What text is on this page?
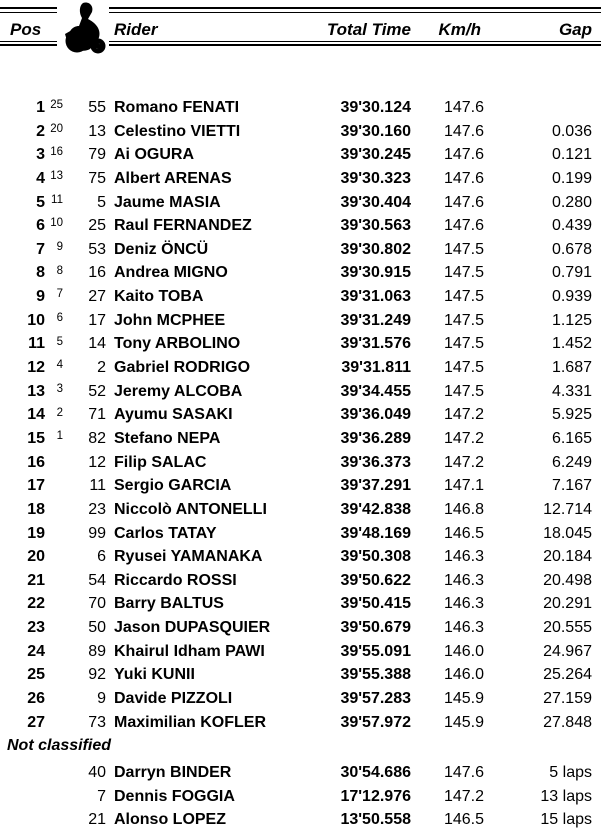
Pos	Total Time	Km/h	Gap
Rider
1 25	55 Romano FENATI	39'30.124	147.6
2 20	13 Celestino VIETTI	39'30.160	147.6	0.036
3 16	79 Ai OGURA	39'30.245	147.6	0.121
4 13	75 Albert ARENAS	39'30.323	147.6	0.199
5 11	5 Jaume MASIA	39'30.404	147.6	0.280
6 10	25 Raul FERNANDEZ	39'30.563	147.6	0.439
7	9	53 Deniz ÖNCÜ	39'30.802	147.5	0.678
8	8	16 Andrea MIGNO	39'30.915	147.5	0.791
9	7	27 Kaito TOBA	39'31.063	147.5	0.939
10	6	17 John MCPHEE	39'31.249	147.5	1.125
11	5	14 Tony ARBOLINO	39'31.576	147.5	1.452
12	4	2 Gabriel RODRIGO	39'31.811	147.5	1.687
13	3	52 Jeremy ALCOBA	39'34.455	147.5	4.331
14	2	71 Ayumu SASAKI	39'36.049	147.2	5.925
15	1	82 Stefano NEPA	39'36.289	147.2	6.165
16	12 Filip SALAC	39'36.373	147.2	6.249
17	11 Sergio GARCIA	39'37.291	147.1	7.167
18	23 Niccolò ANTONELLI	39'42.838	146.8	12.714
19	99 Carlos TATAY	39'48.169	146.5	18.045
20	6 Ryusei YAMANAKA	39'50.308	146.3	20.184
21	54 Riccardo ROSSI	39'50.622	146.3	20.498
22	70 Barry BALTUS	39'50.415	146.3	20.291
23	50 Jason DUPASQUIER	39'50.679	146.3	20.555
24	89 Khairul Idham PAWI	39'55.091	146.0	24.967
25	92 Yuki KUNII	39'55.388	146.0	25.264
26	9 Davide PIZZOLI	39'57.283	145.9	27.159
27	73 Maximilian KOFLER	39'57.972	145.9	27.848
Not classified
40 Darryn BINDER	30'54.686	147.6	5 laps
7 Dennis FOGGIA	17'12.976	147.2	13 laps
21 Alonso LOPEZ	13'50.558	146.5	15 laps
